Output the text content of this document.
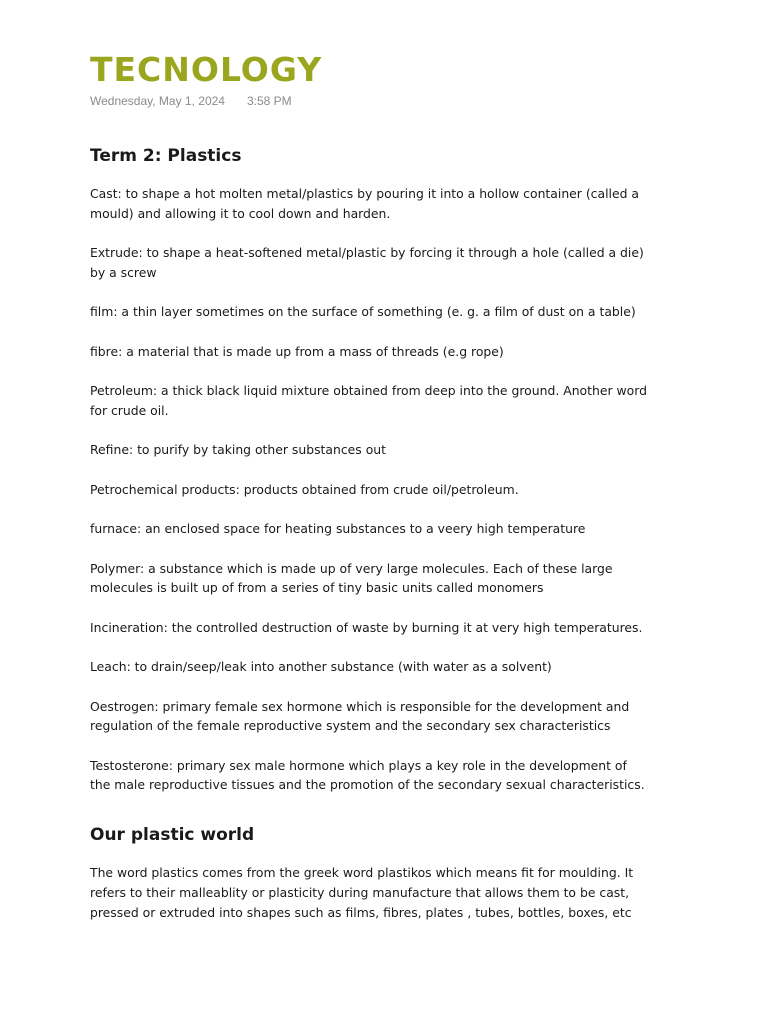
TECNOLOGY
Wednesday, May 1, 2024 3:58 PM
Term 2: Plastics

Cast: to shape a hot molten metal/plastics by pouring it into a hollow container (called a mould) and allowing it to cool down and harden.

Extrude: to shape a heat-softened metal/plastic by forcing it through a hole (called a die) by a screw

film: a thin layer sometimes on the surface of something (e. g. a film of dust on a table)

fibre: a material that is made up from a mass of threads (e.g rope)

Petroleum: a thick black liquid mixture obtained from deep into the ground. Another word for crude oil.

Refine: to purify by taking other substances out

Petrochemical products: products obtained from crude oil/petroleum.

furnace: an enclosed space for heating substances to a veery high temperature

Polymer: a substance which is made up of very large molecules. Each of these large molecules is built up of from a series of tiny basic units called monomers

Incineration: the controlled destruction of waste by burning it at very high temperatures.

Leach: to drain/seep/leak into another substance (with water as a solvent)

Oestrogen: primary female sex hormone which is responsible for the development and regulation of the female reproductive system and the secondary sex characteristics

Testosterone: primary sex male hormone which plays a key role in the development of the male reproductive tissues and the promotion of the secondary sexual characteristics.

Our plastic world
The word plastics comes from the greek word plastikos which means fit for moulding. It refers to their malleablity or plasticity during manufacture that allows them to be cast, pressed or extruded into shapes such as films, fibres, plates , tubes, bottles, boxes, etc
